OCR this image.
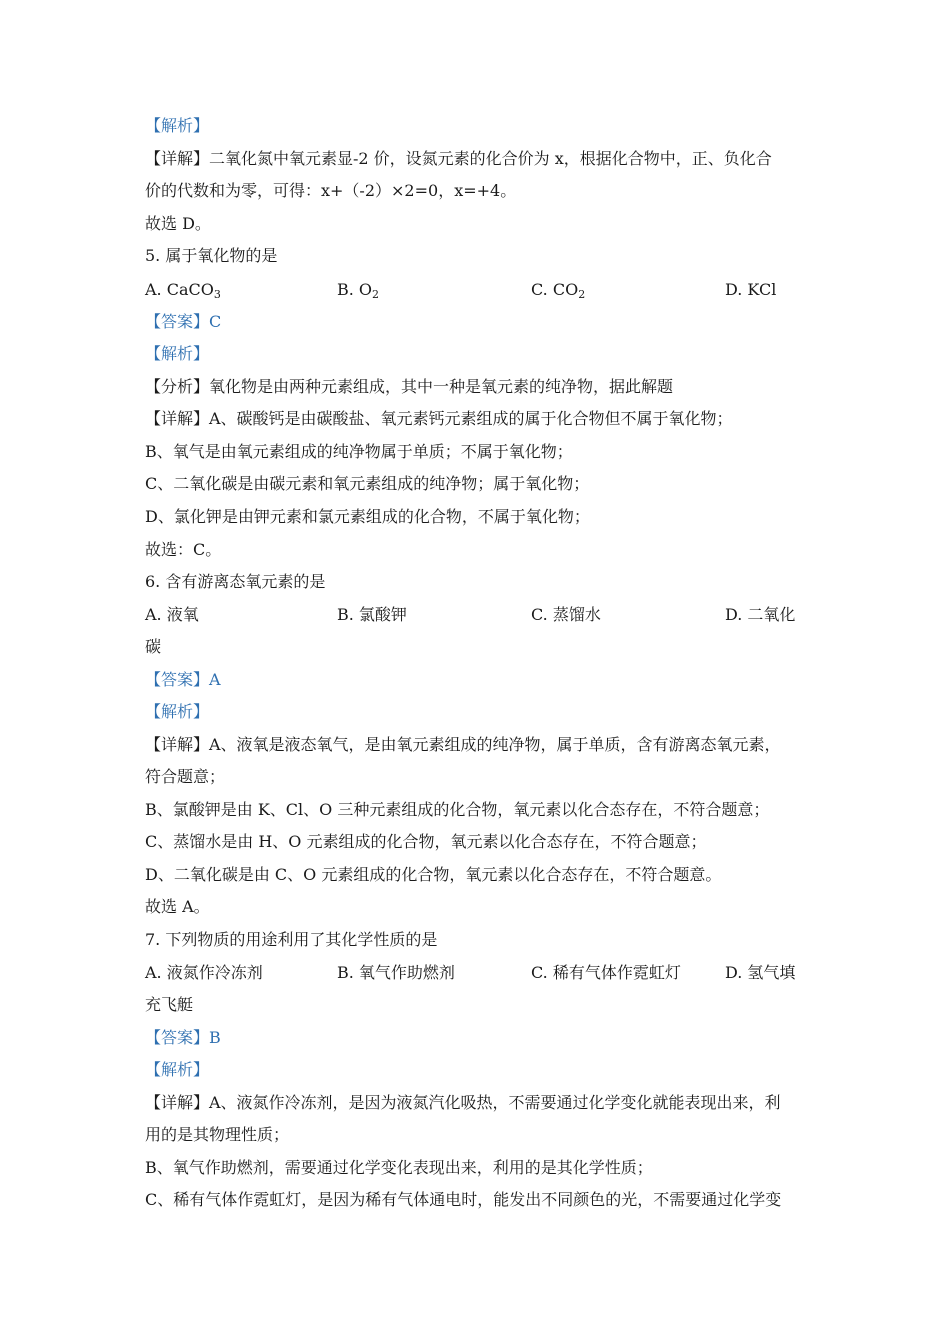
【解析】
【详解】二氧化氮中氧元素显-2 价，设氮元素的化合价为 x，根据化合物中，正、负化合
价的代数和为零，可得：x+（-2）×2=0，x=+4。
故选 D。
5. 属于氧化物的是
A. CaCO$_3$	B. $O_2$	C. $CO_2$	D. KCl
【答案】C
【解析】
【分析】氧化物是由两种元素组成，其中一种是氧元素的纯净物，据此解题
【详解】A、碳酸钙是由碳酸盐、氧元素钙元素组成的属于化合物但不属于氧化物；
B、氧气是由氧元素组成的纯净物属于单质；不属于氧化物；
C、二氧化碳是由碳元素和氧元素组成的纯净物；属于氧化物；
D、氯化钾是由钾元素和氯元素组成的化合物，不属于氧化物；
故选：C。
6. 含有游离态氧元素的是
A. 液氧	B. 氯酸钾	C. 蒸馏水	D. 二氧化
碳
【答案】A
【解析】
【详解】A、液氧是液态氧气，是由氧元素组成的纯净物，属于单质，含有游离态氧元素，
符合题意；
B、氯酸钾是由 K、Cl、O 三种元素组成的化合物，氧元素以化合态存在，不符合题意；
C、蒸馏水是由 H、O 元素组成的化合物，氧元素以化合态存在，不符合题意；
D、二氧化碳是由 C、O 元素组成的化合物，氧元素以化合态存在，不符合题意。
故选 A。
7. 下列物质的用途利用了其化学性质的是
A. 液氮作冷冻剂	B. 氧气作助燃剂	C. 稀有气体作霓虹灯	D. 氢气填
充飞艇
【答案】B
【解析】
【详解】A、液氮作冷冻剂，是因为液氮汽化吸热，不需要通过化学变化就能表现出来，利
用的是其物理性质；
B、氧气作助燃剂，需要通过化学变化表现出来，利用的是其化学性质；
C、稀有气体作霓虹灯，是因为稀有气体通电时，能发出不同颜色的光，不需要通过化学变
